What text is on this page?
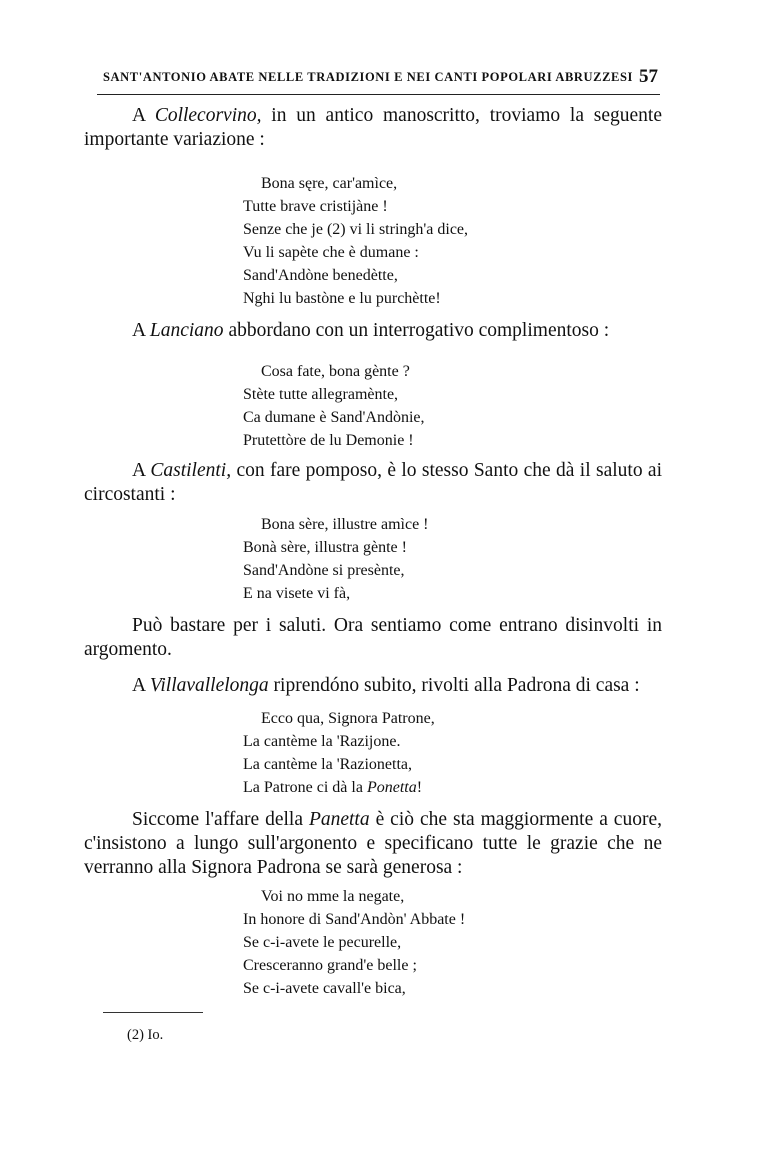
SANT'ANTONIO ABATE NELLE TRADIZIONI E NEI CANTI POPOLARI ABRUZZESI 57

A Collecorvino, in un antico manoscritto, troviamo la seguente importante variazione :

Bona sęre, car'amìce,
Tutte brave cristijàne !
Senze che je (2) vi li stringh'a dice,
Vu li sapète che è dumane :
Sand'Andòne benedètte,
Nghi lu bastòne e lu purchètte!

A Lanciano abbordano con un interrogativo complimentoso :

Cosa fate, bona gènte ?
Stète tutte allegramènte,
Ca dumane è Sand'Andònie,
Prutettòre de lu Demonie !

A Castilenti, con fare pomposo, è lo stesso Santo che dà il saluto ai circostanti :

Bona sère, illustre amìce !
Bonà sère, illustra gènte !
Sand'Andòne si presènte,
E na visete vi fà,

Può bastare per i saluti. Ora sentiamo come entrano disinvolti in argomento.

A Villavallelonga riprendóno subito, rivolti alla Padrona di casa :

Ecco qua, Signora Patrone,
La cantème la 'Razijone.
La cantème la 'Razionetta,
La Patrone ci dà la Ponetta!

Siccome l'affare della Panetta è ciò che sta maggiormente a cuore, c'insistono a lungo sull'argonento e specificano tutte le grazie che ne verranno alla Signora Padrona se sarà generosa :

Voi no mme la negate,
In honore di Sand'Andòn' Abbate !
Se c-i-avete le pecurelle,
Cresceranno grand'e belle ;
Se c-i-avete cavall'e bica,
(2) Io.
